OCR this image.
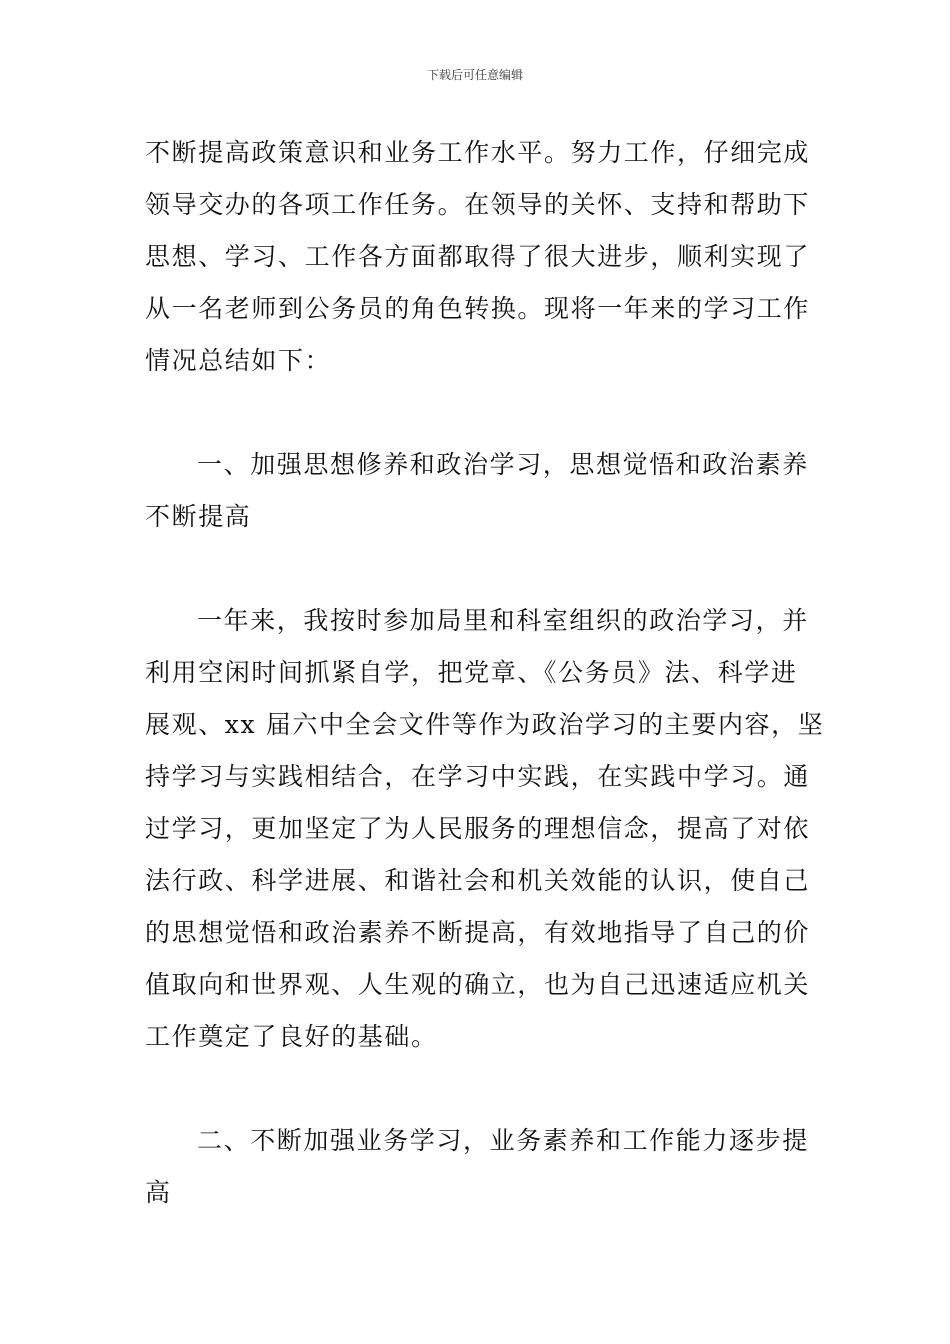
下载后可任意编辑
不断提高政策意识和业务工作水平。努力工作，仔细完成
领导交办的各项工作任务。在领导的关怀、支持和帮助下
思想、学习、工作各方面都取得了很大进步，顺利实现了
从一名老师到公务员的角色转换。现将一年来的学习工作
情况总结如下：
一、加强思想修养和政治学习，思想觉悟和政治素养
不断提高
一年来，我按时参加局里和科室组织的政治学习，并
利用空闲时间抓紧自学，把党章、《公务员》法、科学进
展观、xx 届六中全会文件等作为政治学习的主要内容，坚
持学习与实践相结合，在学习中实践，在实践中学习。通
过学习，更加坚定了为人民服务的理想信念，提高了对依
法行政、科学进展、和谐社会和机关效能的认识，使自己
的思想觉悟和政治素养不断提高，有效地指导了自己的价
值取向和世界观、人生观的确立，也为自己迅速适应机关
工作奠定了良好的基础。
二、不断加强业务学习，业务素养和工作能力逐步提
高
